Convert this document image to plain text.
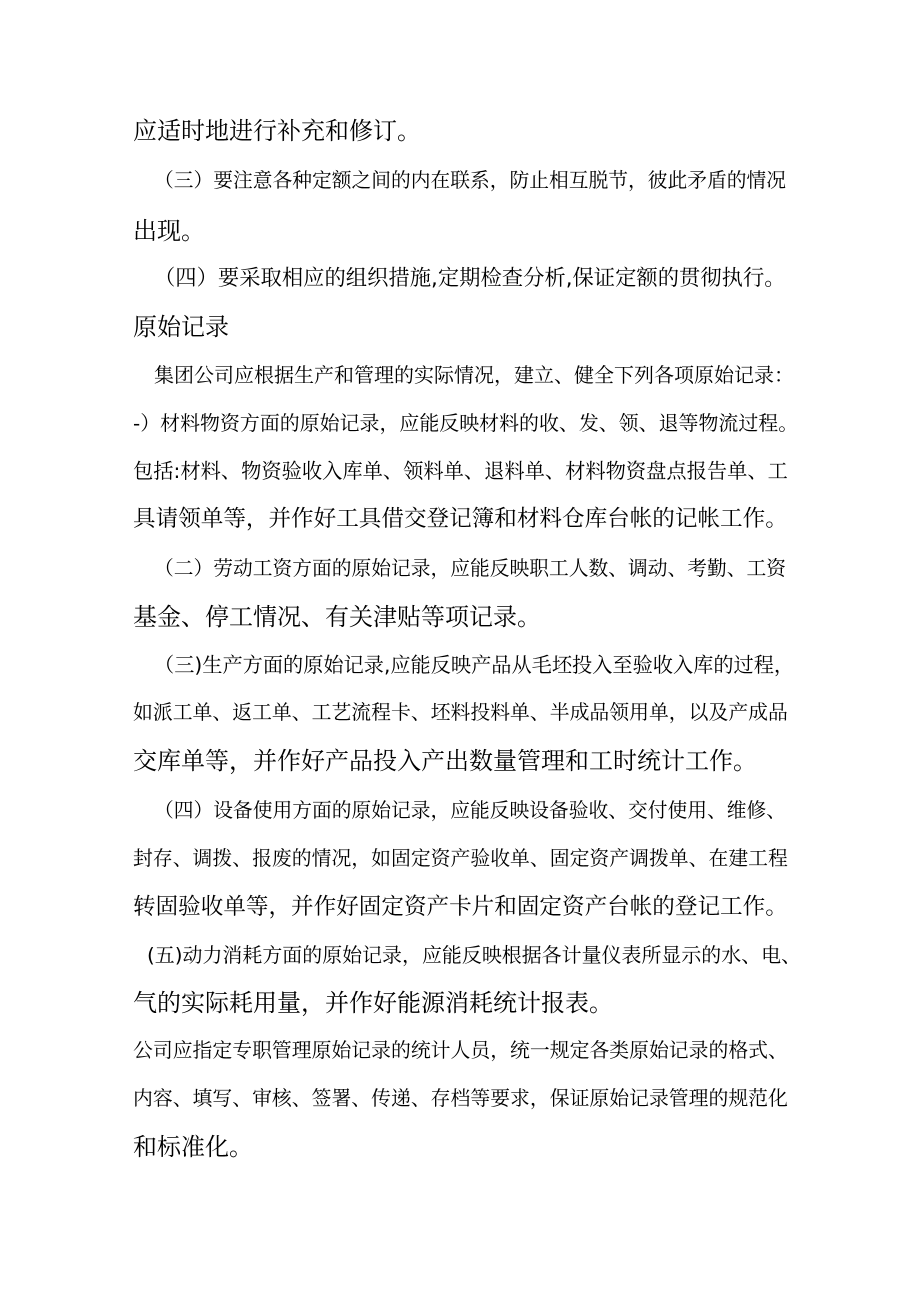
应适时地进行补充和修订。
（三）要注意各种定额之间的内在联系，防止相互脱节，彼此矛盾的情况
出现。
（四）要采取相应的组织措施,定期检查分析,保证定额的贯彻执行。
原始记录
集团公司应根据生产和管理的实际情况，建立、健全下列各项原始记录：
-）材料物资方面的原始记录，应能反映材料的收、发、领、退等物流过程。
包括:材料、物资验收入库单、领料单、退料单、材料物资盘点报告单、工
具请领单等，并作好工具借交登记簿和材料仓库台帐的记帐工作。
（二）劳动工资方面的原始记录，应能反映职工人数、调动、考勤、工资
基金、停工情况、有关津贴等项记录。
（三)生产方面的原始记录,应能反映产品从毛坯投入至验收入库的过程，
如派工单、返工单、工艺流程卡、坯料投料单、半成品领用单，以及产成品
交库单等，并作好产品投入产出数量管理和工时统计工作。
（四）设备使用方面的原始记录，应能反映设备验收、交付使用、维修、
封存、调拨、报废的情况，如固定资产验收单、固定资产调拨单、在建工程
转固验收单等，并作好固定资产卡片和固定资产台帐的登记工作。
(五)动力消耗方面的原始记录，应能反映根据各计量仪表所显示的水、电、
气的实际耗用量，并作好能源消耗统计报表。
公司应指定专职管理原始记录的统计人员，统一规定各类原始记录的格式、
内容、填写、审核、签署、传递、存档等要求，保证原始记录管理的规范化
和标准化。
